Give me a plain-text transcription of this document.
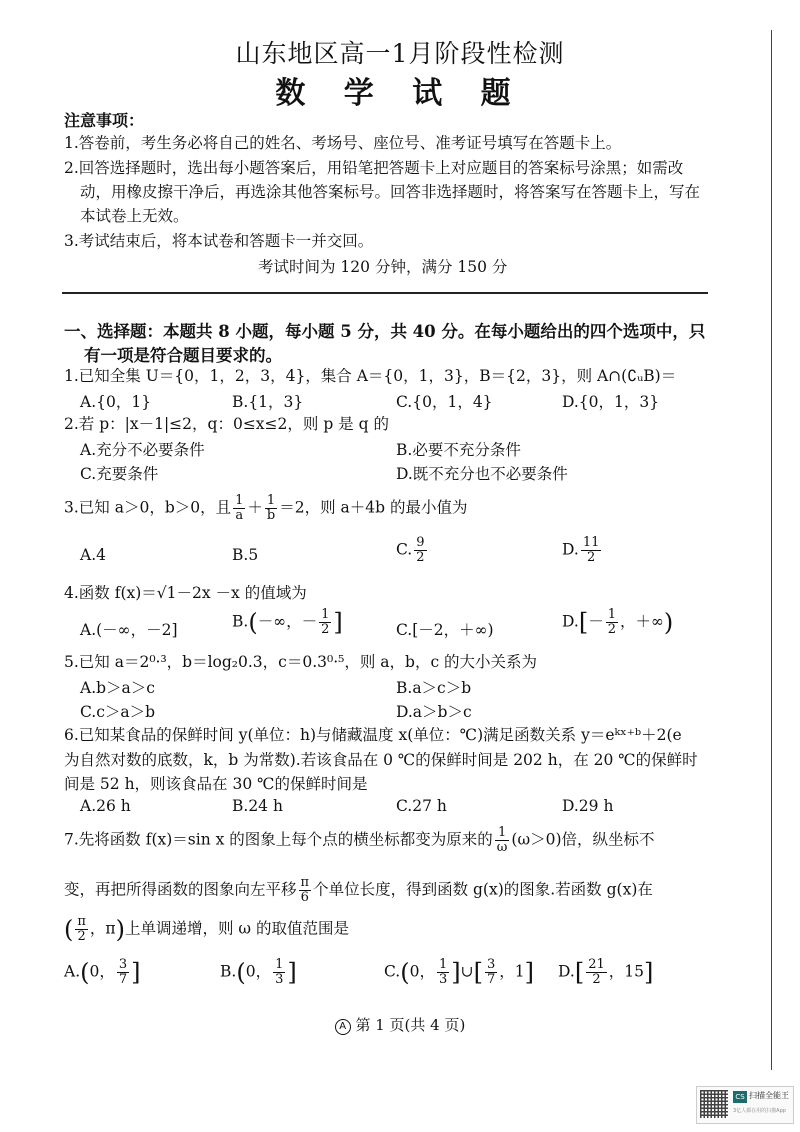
山东地区高一1月阶段性检测
数 学 试 题
注意事项：
1.答卷前，考生务必将自己的姓名、考场号、座位号、准考证号填写在答题卡上。
2.回答选择题时，选出每小题答案后，用铅笔把答题卡上对应题目的答案标号涂黑；如需改
动，用橡皮擦干净后，再选涂其他答案标号。回答非选择题时，将答案写在答题卡上，写在
本试卷上无效。
3.考试结束后，将本试卷和答题卡一并交回。
考试时间为 120 分钟，满分 150 分
一、选择题：本题共 8 小题，每小题 5 分，共 40 分。在每小题给出的四个选项中，只
有一项是符合题目要求的。
1.已知全集 U＝{0，1，2，3，4}，集合 A＝{0，1，3}，B＝{2，3}，则 A∩(∁ᵤB)＝
A.{0，1}	B.{1，3}	C.{0，1，4}	D.{0，1，3}
2.若 p：|x－1|≤2，q：0≤x≤2，则 p 是 q 的
A.充分不必要条件	B.必要不充分条件
C.充要条件	D.既不充分也不必要条件
3.已知 a＞0，b＞0，且 $\frac{1}{a} + \frac{1}{b} =2$，则 a＋4b 的最小值为
A.4	B.5	C. $\frac{9}{2}$	D. $\frac{11}{2}$
4.函数 f(x)＝√1－2x －x 的值域为
A.(－∞，－2]	B.(－∞，－ $\frac{1}{2}$ ]	C.[－2，＋∞)	$D.[- \frac{1}{2}$ ，＋∞)
5.已知 a＝2⁰·³，b＝log₂0.3，c＝0.3⁰·⁵，则 a，b，c 的大小关系为
A.b＞a＞c	B.a＞c＞b
C.c＞a＞b	D.a＞b＞c
6.已知某食品的保鲜时间 y(单位：h)与储藏温度 x(单位：℃)满足函数关系 y＝eᵏˣ⁺ᵇ＋2(e
为自然对数的底数，k，b 为常数).若该食品在 0 ℃的保鲜时间是 202 h，在 20 ℃的保鲜时
间是 52 h，则该食品在 30 ℃的保鲜时间是
A.26 h	B.24 h	C.27 h	D.29 h
7.先将函数 f(x)＝sin x 的图象上每个点的横坐标都变为原来的 $\frac{1}{\omega} (\omega>0)$倍，纵坐标不
变，再把所得函数的图象向左平移 $\frac{\pi}{6}$ 个单位长度，得到函数 g(x)的图象.若函数 g(x)在
( $\frac{\pi}{2}$ ，π)上单调递增，则 ω 的取值范围是
A.(0， $\frac{3}{7}$ ]	B.(0， $\frac{1}{3}$ ]	C.(0， $\frac{1}{3}$ ]∪[ $\frac{3}{7}$ ，1] $D.[ \frac{21}{2}$ ，15]
A 第 1 页(共 4 页)
CS 扫描全能王
3亿人都在用的扫描App
